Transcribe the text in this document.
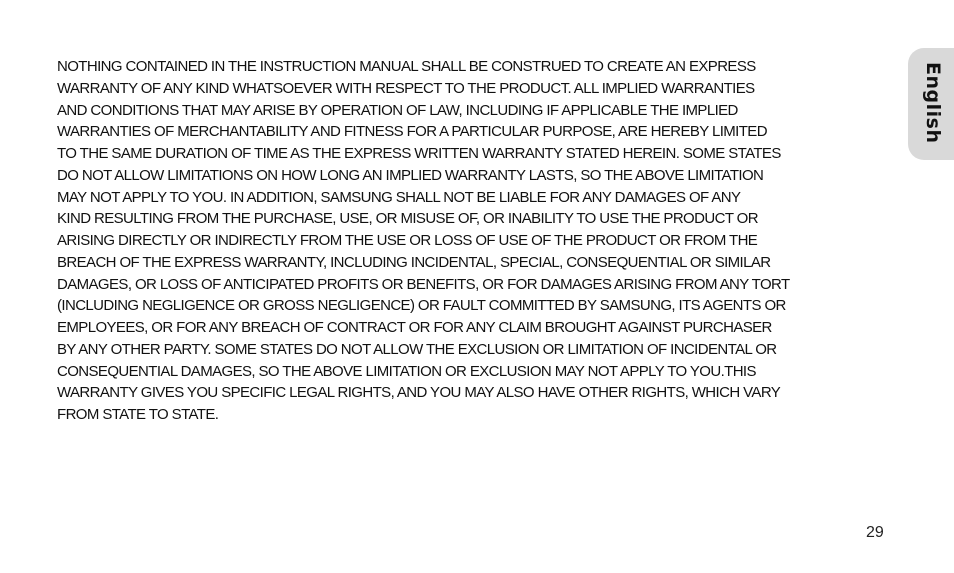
NOTHING CONTAINED IN THE INSTRUCTION MANUAL SHALL BE CONSTRUED TO CREATE AN EXPRESS
WARRANTY OF ANY KIND WHATSOEVER WITH RESPECT TO THE PRODUCT. ALL IMPLIED WARRANTIES
AND CONDITIONS THAT MAY ARISE BY OPERATION OF LAW, INCLUDING IF APPLICABLE THE IMPLIED
WARRANTIES OF MERCHANTABILITY AND FITNESS FOR A PARTICULAR PURPOSE, ARE HEREBY LIMITED
TO THE SAME DURATION OF TIME AS THE EXPRESS WRITTEN WARRANTY STATED HEREIN. SOME STATES
DO NOT ALLOW LIMITATIONS ON HOW LONG AN IMPLIED WARRANTY LASTS, SO THE ABOVE LIMITATION
MAY NOT APPLY TO YOU. IN ADDITION, SAMSUNG SHALL NOT BE LIABLE FOR ANY DAMAGES OF ANY
KIND RESULTING FROM THE PURCHASE, USE, OR MISUSE OF, OR INABILITY TO USE THE PRODUCT OR
ARISING DIRECTLY OR INDIRECTLY FROM THE USE OR LOSS OF USE OF THE PRODUCT OR FROM THE
BREACH OF THE EXPRESS WARRANTY, INCLUDING INCIDENTAL, SPECIAL, CONSEQUENTIAL OR SIMILAR
DAMAGES, OR LOSS OF ANTICIPATED PROFITS OR BENEFITS, OR FOR DAMAGES ARISING FROM ANY TORT
(INCLUDING NEGLIGENCE OR GROSS NEGLIGENCE) OR FAULT COMMITTED BY SAMSUNG, ITS AGENTS OR
EMPLOYEES, OR FOR ANY BREACH OF CONTRACT OR FOR ANY CLAIM BROUGHT AGAINST PURCHASER
BY ANY OTHER PARTY. SOME STATES DO NOT ALLOW THE EXCLUSION OR LIMITATION OF INCIDENTAL OR
CONSEQUENTIAL DAMAGES, SO THE ABOVE LIMITATION OR EXCLUSION MAY NOT APPLY TO YOU.THIS
WARRANTY GIVES YOU SPECIFIC LEGAL RIGHTS, AND YOU MAY ALSO HAVE OTHER RIGHTS, WHICH VARY
FROM STATE TO STATE.

English
29
